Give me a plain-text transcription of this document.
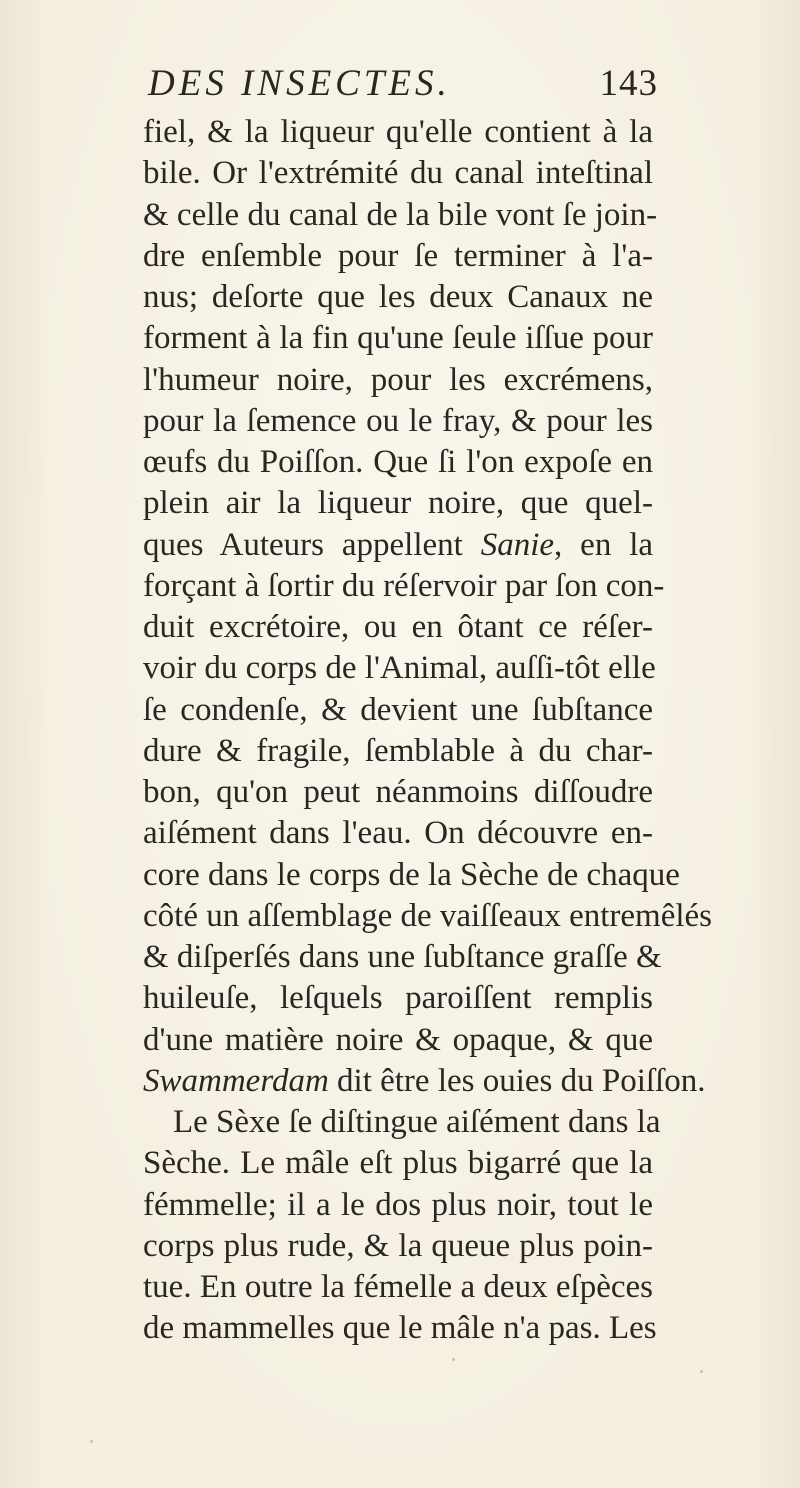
DES INSECTES.	143
fiel, & la liqueur qu'elle contient à la
bile. Or l'extrémité du canal inteſtinal
& celle du canal de la bile vont ſe join-
dre enſemble pour ſe terminer à l'a-
nus; deſorte que les deux Canaux ne
forment à la fin qu'une ſeule iſſue pour
l'humeur noire, pour les excrémens,
pour la ſemence ou le fray, & pour les
œufs du Poiſſon. Que ſi l'on expoſe en
plein air la liqueur noire, que quel-
ques Auteurs appellent Sanie, en la
forçant à ſortir du réſervoir par ſon con-
duit excrétoire, ou en ôtant ce réſer-
voir du corps de l'Animal, auſſi-tôt elle
ſe condenſe, & devient une ſubſtance
dure & fragile, ſemblable à du char-
bon, qu'on peut néanmoins diſſoudre
aiſément dans l'eau. On découvre en-
core dans le corps de la Sèche de chaque
côté un aſſemblage de vaiſſeaux entremêlés
& diſperſés dans une ſubſtance graſſe &
huileuſe, leſquels paroiſſent remplis
d'une matière noire & opaque, & que
Swammerdam dit être les ouies du Poiſſon.
Le Sèxe ſe diſtingue aiſément dans la
Sèche. Le mâle eſt plus bigarré que la
fémmelle; il a le dos plus noir, tout le
corps plus rude, & la queue plus poin-
tue. En outre la fémelle a deux eſpèces
de mammelles que le mâle n'a pas. Les
